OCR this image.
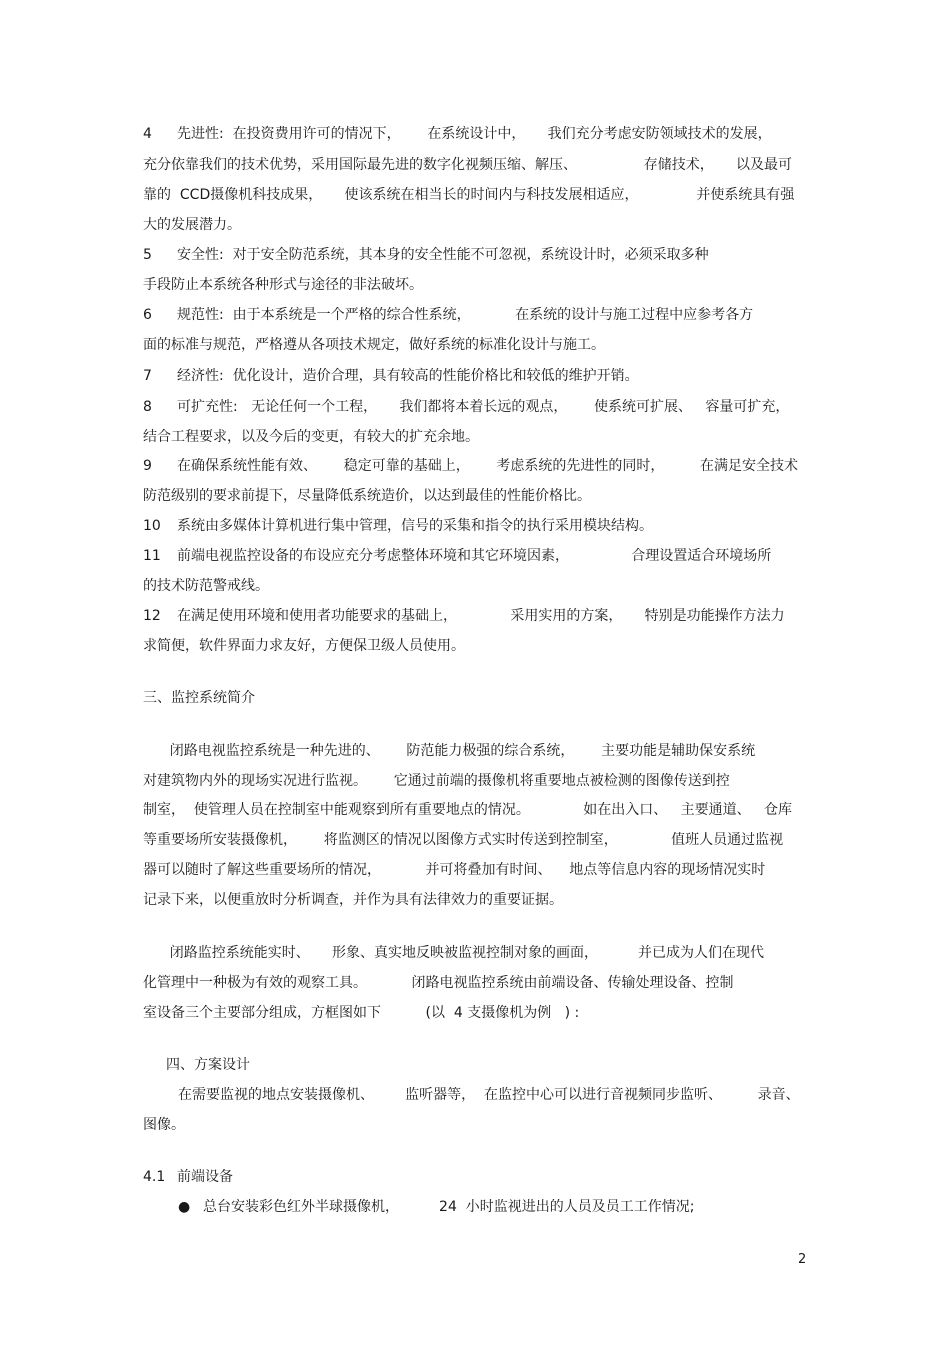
4 先进性:  在投资费用许可的情况下，      在系统设计中，     我们充分考虑安防领域技术的发展，
充分依靠我们的技术优势，采用国际最先进的数字化视频压缩、解压、               存储技术，     以及最可
靠的  CCD摄像机科技成果，     使该系统在相当长的时间内与科技发展相适应，             并使系统具有强
大的发展潜力。
5 安全性:  对于安全防范系统，其本身的安全性能不可忽视，系统设计时，必须采取多种
手段防止本系统各种形式与途径的非法破坏。
6 规范性:  由于本系统是一个严格的综合性系统，          在系统的设计与施工过程中应参考各方
面的标准与规范，严格遵从各项技术规定，做好系统的标准化设计与施工。
7 经济性:  优化设计，造价合理，具有较高的性能价格比和较低的维护开销。
8 可扩充性:   无论任何一个工程，     我们都将本着长远的观点，      使系统可扩展、   容量可扩充，
结合工程要求，以及今后的变更，有较大的扩充余地。
9 在确保系统性能有效、      稳定可靠的基础上，      考虑系统的先进性的同时，        在满足安全技术
防范级别的要求前提下，尽量降低系统造价，以达到最佳的性能价格比。
10 系统由多媒体计算机进行集中管理，信号的采集和指令的执行采用模块结构。
11 前端电视监控设备的布设应充分考虑整体环境和其它环境因素，              合理设置适合环境场所
的技术防范警戒线。
12 在满足使用环境和使用者功能要求的基础上，            采用实用的方案，     特别是功能操作方法力
求简便，软件界面力求友好，方便保卫级人员使用。
三、监控系统简介
闭路电视监控系统是一种先进的、      防范能力极强的综合系统，      主要功能是辅助保安系统
对建筑物内外的现场实况进行监视。      它通过前端的摄像机将重要地点被检测的图像传送到控
制室，  使管理人员在控制室中能观察到所有重要地点的情况。            如在出入口、   主要通道、   仓库
等重要场所安装摄像机，      将监测区的情况以图像方式实时传送到控制室，            值班人员通过监视
器可以随时了解这些重要场所的情况，          并可将叠加有时间、    地点等信息内容的现场情况实时
记录下来，以便重放时分析调查，并作为具有法律效力的重要证据。
闭路监控系统能实时、     形象、真实地反映被监视控制对象的画面，         并已成为人们在现代
化管理中一种极为有效的观察工具。          闭路电视监控系统由前端设备、传输处理设备、控制
室设备三个主要部分组成，方框图如下          (以  4 支摄像机为例   ) :
四、方案设计
在需要监视的地点安装摄像机、       监听器等，  在监控中心可以进行音视频同步监听、        录音、
图像。
4.1 前端设备
● 总台安装彩色红外半球摄像机，         24  小时监视进出的人员及员工工作情况;
2
